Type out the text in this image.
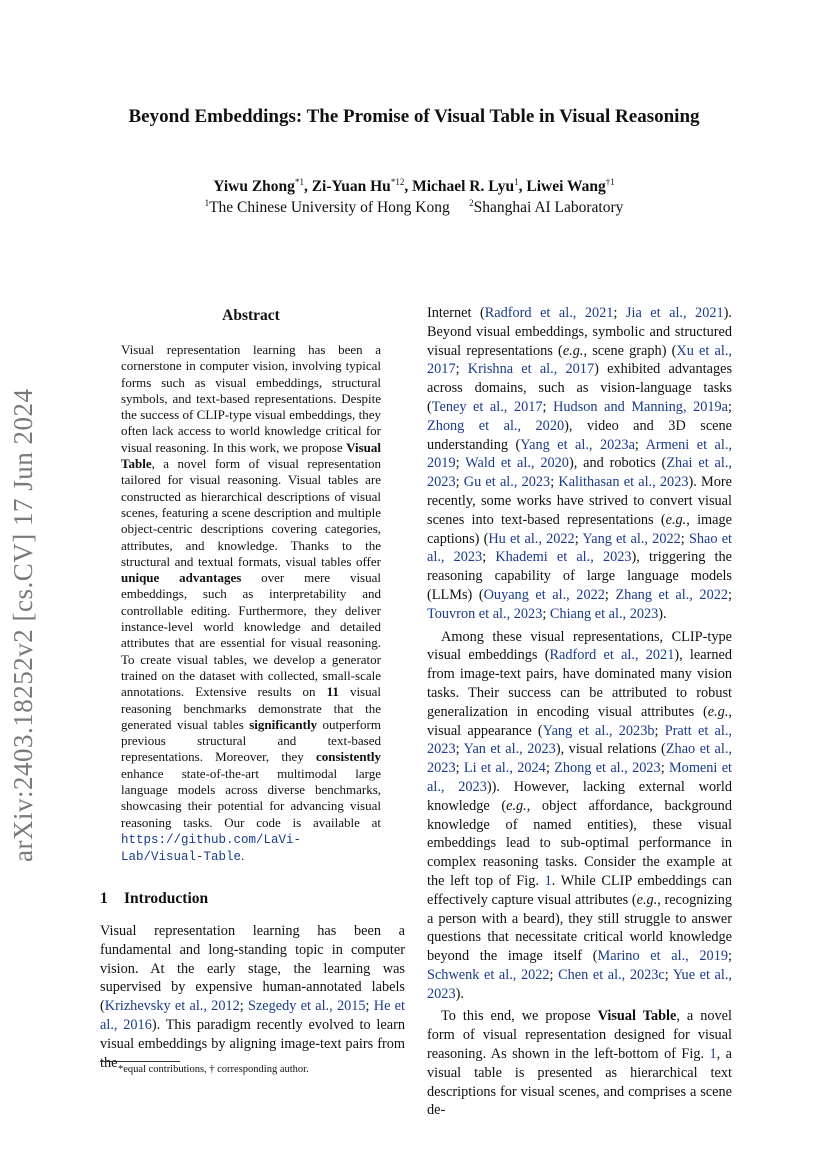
arXiv:2403.18252v2 [cs.CV] 17 Jun 2024
Beyond Embeddings: The Promise of Visual Table in Visual Reasoning
Yiwu Zhong$^{*1}$, Zi-Yuan Hu$^{*12}$, Michael R. Lyu$^1$, Liwei Wang$^{\dagger 1}$
$^1$The Chinese University of Hong Kong $^2$Shanghai AI Laboratory
Abstract

Visual representation learning has been a cornerstone in computer vision, involving typical forms such as visual embeddings, structural symbols, and text-based representations. Despite the success of CLIP-type visual embeddings, they often lack access to world knowledge critical for visual reasoning. In this work, we propose Visual Table, a novel form of visual representation tailored for visual reasoning. Visual tables are constructed as hierarchical descriptions of visual scenes, featuring a scene description and multiple object-centric descriptions covering categories, attributes, and knowledge. Thanks to the structural and textual formats, visual tables offer unique advantages over mere visual embeddings, such as interpretability and controllable editing. Furthermore, they deliver instance-level world knowledge and detailed attributes that are essential for visual reasoning. To create visual tables, we develop a generator trained on the dataset with collected, small-scale annotations. Extensive results on 11 visual reasoning benchmarks demonstrate that the generated visual tables significantly outperform previous structural and text-based representations. Moreover, they consistently enhance state-of-the-art multimodal large language models across diverse benchmarks, showcasing their potential for advancing visual reasoning tasks. Our code is available at https://github.com/LaVi-Lab/Visual-Table.

1 Introduction

Visual representation learning has been a fundamental and long-standing topic in computer vision. At the early stage, the learning was supervised by expensive human-annotated labels (Krizhevsky et al., 2012; Szegedy et al., 2015; He et al., 2016). This paradigm recently evolved to learn visual embeddings by aligning image-text pairs from the *equal contributions, † corresponding author.

Internet (Radford et al., 2021; Jia et al., 2021). Beyond visual embeddings, symbolic and structured visual representations (e.g., scene graph) (Xu et al., 2017; Krishna et al., 2017) exhibited advantages across domains, such as vision-language tasks (Teney et al., 2017; Hudson and Manning, 2019a; Zhong et al., 2020), video and 3D scene understanding (Yang et al., 2023a; Armeni et al., 2019; Wald et al., 2020), and robotics (Zhai et al., 2023; Gu et al., 2023; Kalithasan et al., 2023). More recently, some works have strived to convert visual scenes into text-based representations (e.g., image captions) (Hu et al., 2022; Yang et al., 2022; Shao et al., 2023; Khademi et al., 2023), triggering the reasoning capability of large language models (LLMs) (Ouyang et al., 2022; Zhang et al., 2022; Touvron et al., 2023; Chiang et al., 2023).

Among these visual representations, CLIP-type visual embeddings (Radford et al., 2021), learned from image-text pairs, have dominated many vision tasks. Their success can be attributed to robust generalization in encoding visual attributes (e.g., visual appearance (Yang et al., 2023b; Pratt et al., 2023; Yan et al., 2023), visual relations (Zhao et al., 2023; Li et al., 2024; Zhong et al., 2023; Momeni et al., 2023)). However, lacking external world knowledge (e.g., object affordance, background knowledge of named entities), these visual embeddings lead to sub-optimal performance in complex reasoning tasks. Consider the example at the left top of Fig. 1. While CLIP embeddings can effectively capture visual attributes (e.g., recognizing a person with a beard), they still struggle to answer questions that necessitate critical world knowledge beyond the image itself (Marino et al., 2019; Schwenk et al., 2022; Chen et al., 2023c; Yue et al., 2023).

To this end, we propose Visual Table, a novel form of visual representation designed for visual reasoning. As shown in the left-bottom of Fig. 1, a visual table is presented as hierarchical text descriptions for visual scenes, and comprises a scene de-
